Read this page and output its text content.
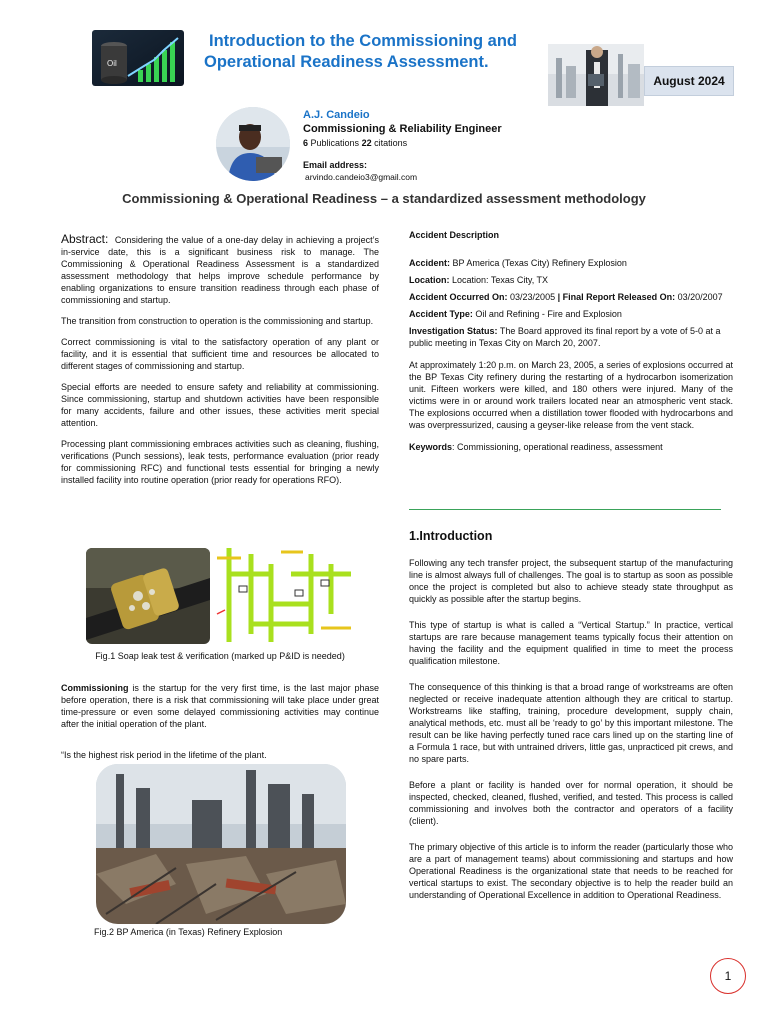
Oil
Introduction to the Commissioning and
Operational Readiness Assessment.
August 2024
A.J. Candeio
Commissioning & Reliability Engineer
6 Publications 22 citations
Email address:
arvindo.candeio3@gmail.com
Commissioning & Operational Readiness – a standardized assessment methodology

Abstract: Considering the value of a one-day delay in achieving a project’s in-service date, this is a significant business risk to manage. The Commissioning & Operational Readiness Assessment is a standardized assessment methodology that helps improve schedule performance by enabling organizations to ensure transition readiness through each phase of commissioning and startup.

The transition from construction to operation is the commissioning and startup.

Correct commissioning is vital to the satisfactory operation of any plant or facility, and it is essential that sufficient time and resources be allocated to different stages of commissioning and startup.

Special efforts are needed to ensure safety and reliability at commissioning. Since commissioning, startup and shutdown activities have been responsible for many accidents, failure and other issues, these activities merit special attention.

Processing plant commissioning embraces activities such as cleaning, flushing, verifications (Punch sessions), leak tests, performance evaluation (prior ready for commissioning RFC) and functional tests essential for bringing a newly installed facility into routine operation (prior ready for operations RFO).

Fig.1 Soap leak test & verification (marked up P&ID is needed)

Commissioning is the startup for the very first time, is the last major phase before operation, there is a risk that commissioning will take place under great time-pressure or even some delayed commissioning activities may continue after the initial operation of the plant.

“Is the highest risk period in the lifetime of the plant.
Fig.2 BP America (in Texas) Refinery Explosion

Accident Description

Accident: BP America (Texas City) Refinery Explosion

Location: Location: Texas City, TX

Accident Occurred On: 03/23/2005 | Final Report Released On: 03/20/2007

Accident Type: Oil and Refining - Fire and Explosion

Investigation Status: The Board approved its final report by a vote of 5-0 at a public meeting in Texas City on March 20, 2007.

At approximately 1:20 p.m. on March 23, 2005, a series of explosions occurred at the BP Texas City refinery during the restarting of a hydrocarbon isomerization unit. Fifteen workers were killed, and 180 others were injured. Many of the victims were in or around work trailers located near an atmospheric vent stack. The explosions occurred when a distillation tower flooded with hydrocarbons and was overpressurized, causing a geyser-like release from the vent stack.

Keywords: Commissioning, operational readiness, assessment

1.Introduction

Following any tech transfer project, the subsequent startup of the manufacturing line is almost always full of challenges. The goal is to startup as soon as possible once the project is completed but also to achieve steady state throughput as quickly as possible after the startup begins.

This type of startup is what is called a “Vertical Startup.” In practice, vertical startups are rare because management teams typically focus their attention on having the facility and the equipment qualified in time to meet the process qualification milestone.

The consequence of this thinking is that a broad range of workstreams are often neglected or receive inadequate attention although they are critical to startup. Workstreams like staffing, training, procedure development, supply chain, analytical methods, etc. must all be ‘ready to go’ by this important milestone. The result can be like having perfectly tuned race cars lined up on the starting line of a Formula 1 race, but with untrained drivers, little gas, unpracticed pit crews, and no spare parts.

Before a plant or facility is handed over for normal operation, it should be inspected, checked, cleaned, flushed, verified, and tested. This process is called commissioning and involves both the contractor and operators of a facility (client).

The primary objective of this article is to inform the reader (particularly those who are a part of management teams) about commissioning and startups and how Operational Readiness is the organizational state that needs to be reached for vertical startups to exist. The secondary objective is to help the reader build an understanding of Operational Excellence in addition to Operational Readiness.

1
